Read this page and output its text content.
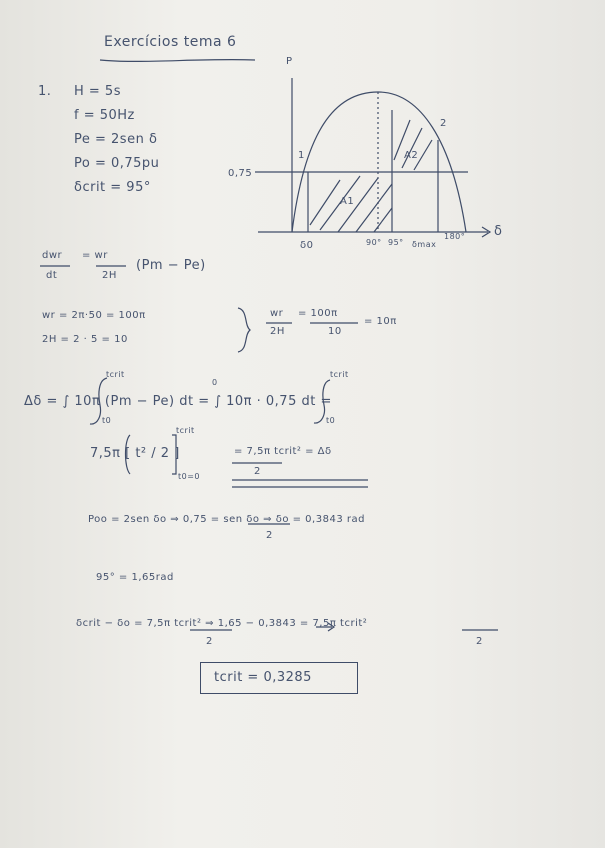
Exercícios tema 6
1. H = 5s
f = 50Hz
Pe = 2sen δ
Po = 0,75pu
δcrit = 95°
P
0,75
δ
A1
A2
1
2
δ0	90° 95° δmax
180°
dwr
dt
= wr
2H
(Pm − Pe)
wr = 2π·50 = 100π
2H = 2 · 5 = 10
wr
2H
= 100π
10
= 10π
Δδ = ∫ 10π (Pm − Pe) dt = ∫ 10π · 0,75 dt =
tcrit
t0
0
tcrit
t0
7,5π [ t² / 2 ]
tcrit
t0=0
= 7,5π tcrit² = Δδ
2
Poo = 2sen δo ⇒ 0,75 = sen δo ⇒ δo = 0,3843 rad
2
95° = 1,65rad
δcrit − δo = 7,5π tcrit² ⇒ 1,65 − 0,3843 = 7,5π tcrit²
2	2
tcrit = 0,3285
